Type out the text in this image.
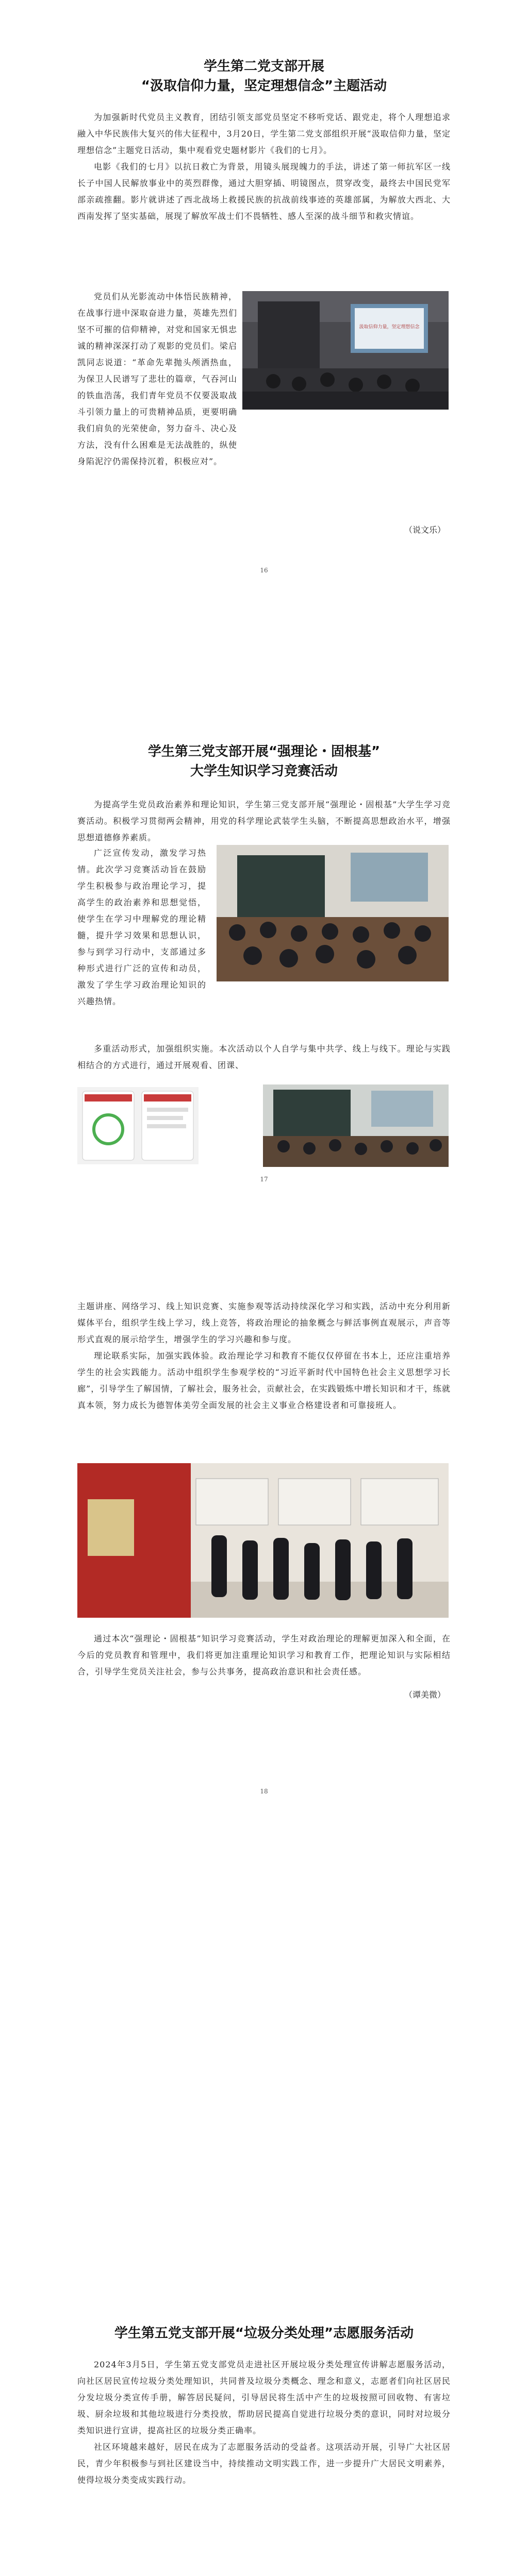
学生第二党支部开展
“汲取信仰力量，坚定理想信念”主题活动

为加强新时代党员主义教育，团结引领支部党员坚定不移听党话、跟党走，将个人理想追求融入中华民族伟大复兴的伟大征程中，3月20日，学生第二党支部组织开展“汲取信仰力量，坚定理想信念”主题党日活动，集中观看党史题材影片《我们的七月》。

电影《我们的七月》以抗日救亡为背景，用镜头展现魄力的手法，讲述了第一师抗军区一线长子中国人民解放事业中的英烈群像，通过大胆穿插、明镜图点，贯穿改变，最终去中国民党军部亲疏推翻。影片就讲述了西北战场上救援民族的抗战前线事迹的英雄部属，为解放大西北、大西南发挥了坚实基础，展现了解放军战士们不畏牺牲、感人至深的战斗细节和救灾情谊。

汲取信仰力量，坚定理想信念
党员们从光影流动中体悟民族精神，在战事行进中深取奋进力量，英雄先烈们坚不可摧的信仰精神，对党和国家无惧忠诚的精神深深打动了观影的党员们。梁启凯同志说道：“革命先辈抛头颅洒热血，为保卫人民谱写了悲壮的篇章，气吞河山的铁血浩荡，我们青年党员不仅要汲取战斗引领力量上的可贵精神品质，更要明确我们肩负的光荣使命，努力奋斗、决心及方法，没有什么困难是无法战胜的，纵使身陷泥泞仍需保持沉着，积极应对”。

（说文乐）

16
学生第三党支部开展“强理论・固根基”
大学生知识学习竞赛活动

为提高学生党员政治素养和理论知识，学生第三党支部开展“强理论・固根基”大学生学习竞赛活动。积极学习贯彻两会精神，用党的科学理论武装学生头脑，不断提高思想政治水平，增强思想道德修养素质。

广泛宣传发动，激发学习热情。此次学习竞赛活动旨在鼓励学生积极参与政治理论学习，提高学生的政治素养和思想觉悟，使学生在学习中理解党的理论精髓，提升学习效果和思想认识，参与到学习行动中，支部通过多种形式进行广泛的宣传和动员，激发了学生学习政治理论知识的兴趣热情。

多重活动形式，加强组织实施。本次活动以个人自学与集中共学、线上与线下。理论与实践相结合的方式进行，通过开展观看、团课、

17

主题讲座、网络学习、线上知识竞赛、实施参观等活动持续深化学习和实践，活动中充分利用新媒体平台，组织学生线上学习，线上竞答，将政治理论的抽象概念与鲜活事例直观展示，声音等形式直观的展示给学生，增强学生的学习兴趣和参与度。

理论联系实际，加强实践体验。政治理论学习和教育不能仅仅停留在书本上，还应注重培养学生的社会实践能力。活动中组织学生参观学校的“习近平新时代中国特色社会主义思想学习长廊”，引导学生了解国情，了解社会，服务社会，贡献社会，在实践锻炼中增长知识和才干，练就真本领，努力成长为德智体美劳全面发展的社会主义事业合格建设者和可靠接班人。

通过本次“强理论・固根基”知识学习竞赛活动，学生对政治理论的理解更加深入和全面，在今后的党员教育和管理中，我们将更加注重理论知识学习和教育工作，把理论知识与实际相结合，引导学生党员关注社会，参与公共事务，提高政治意识和社会责任感。

（谭美微）

18
学生第五党支部开展“垃圾分类处理”志愿服务活动

2024年3月5日，学生第五党支部党员走进社区开展垃圾分类处理宣传讲解志愿服务活动，向社区居民宣传垃圾分类处理知识，共同普及垃圾分类概念、理念和意义，志愿者们向社区居民分发垃圾分类宣传手册，解答居民疑问，引导居民将生活中产生的垃圾按照可回收物、有害垃圾、厨余垃圾和其他垃圾进行分类投放，帮助居民提高自觉进行垃圾分类的意识，同时对垃圾分类知识进行宣讲，提高社区的垃圾分类正确率。

社区环境越来越好，居民在成为了志愿服务活动的受益者。这项活动开展，引导广大社区居民，青少年积极参与到社区建设当中，持续推动文明实践工作，进一步提升广大居民文明素养，使得垃圾分类变成实践行动。
